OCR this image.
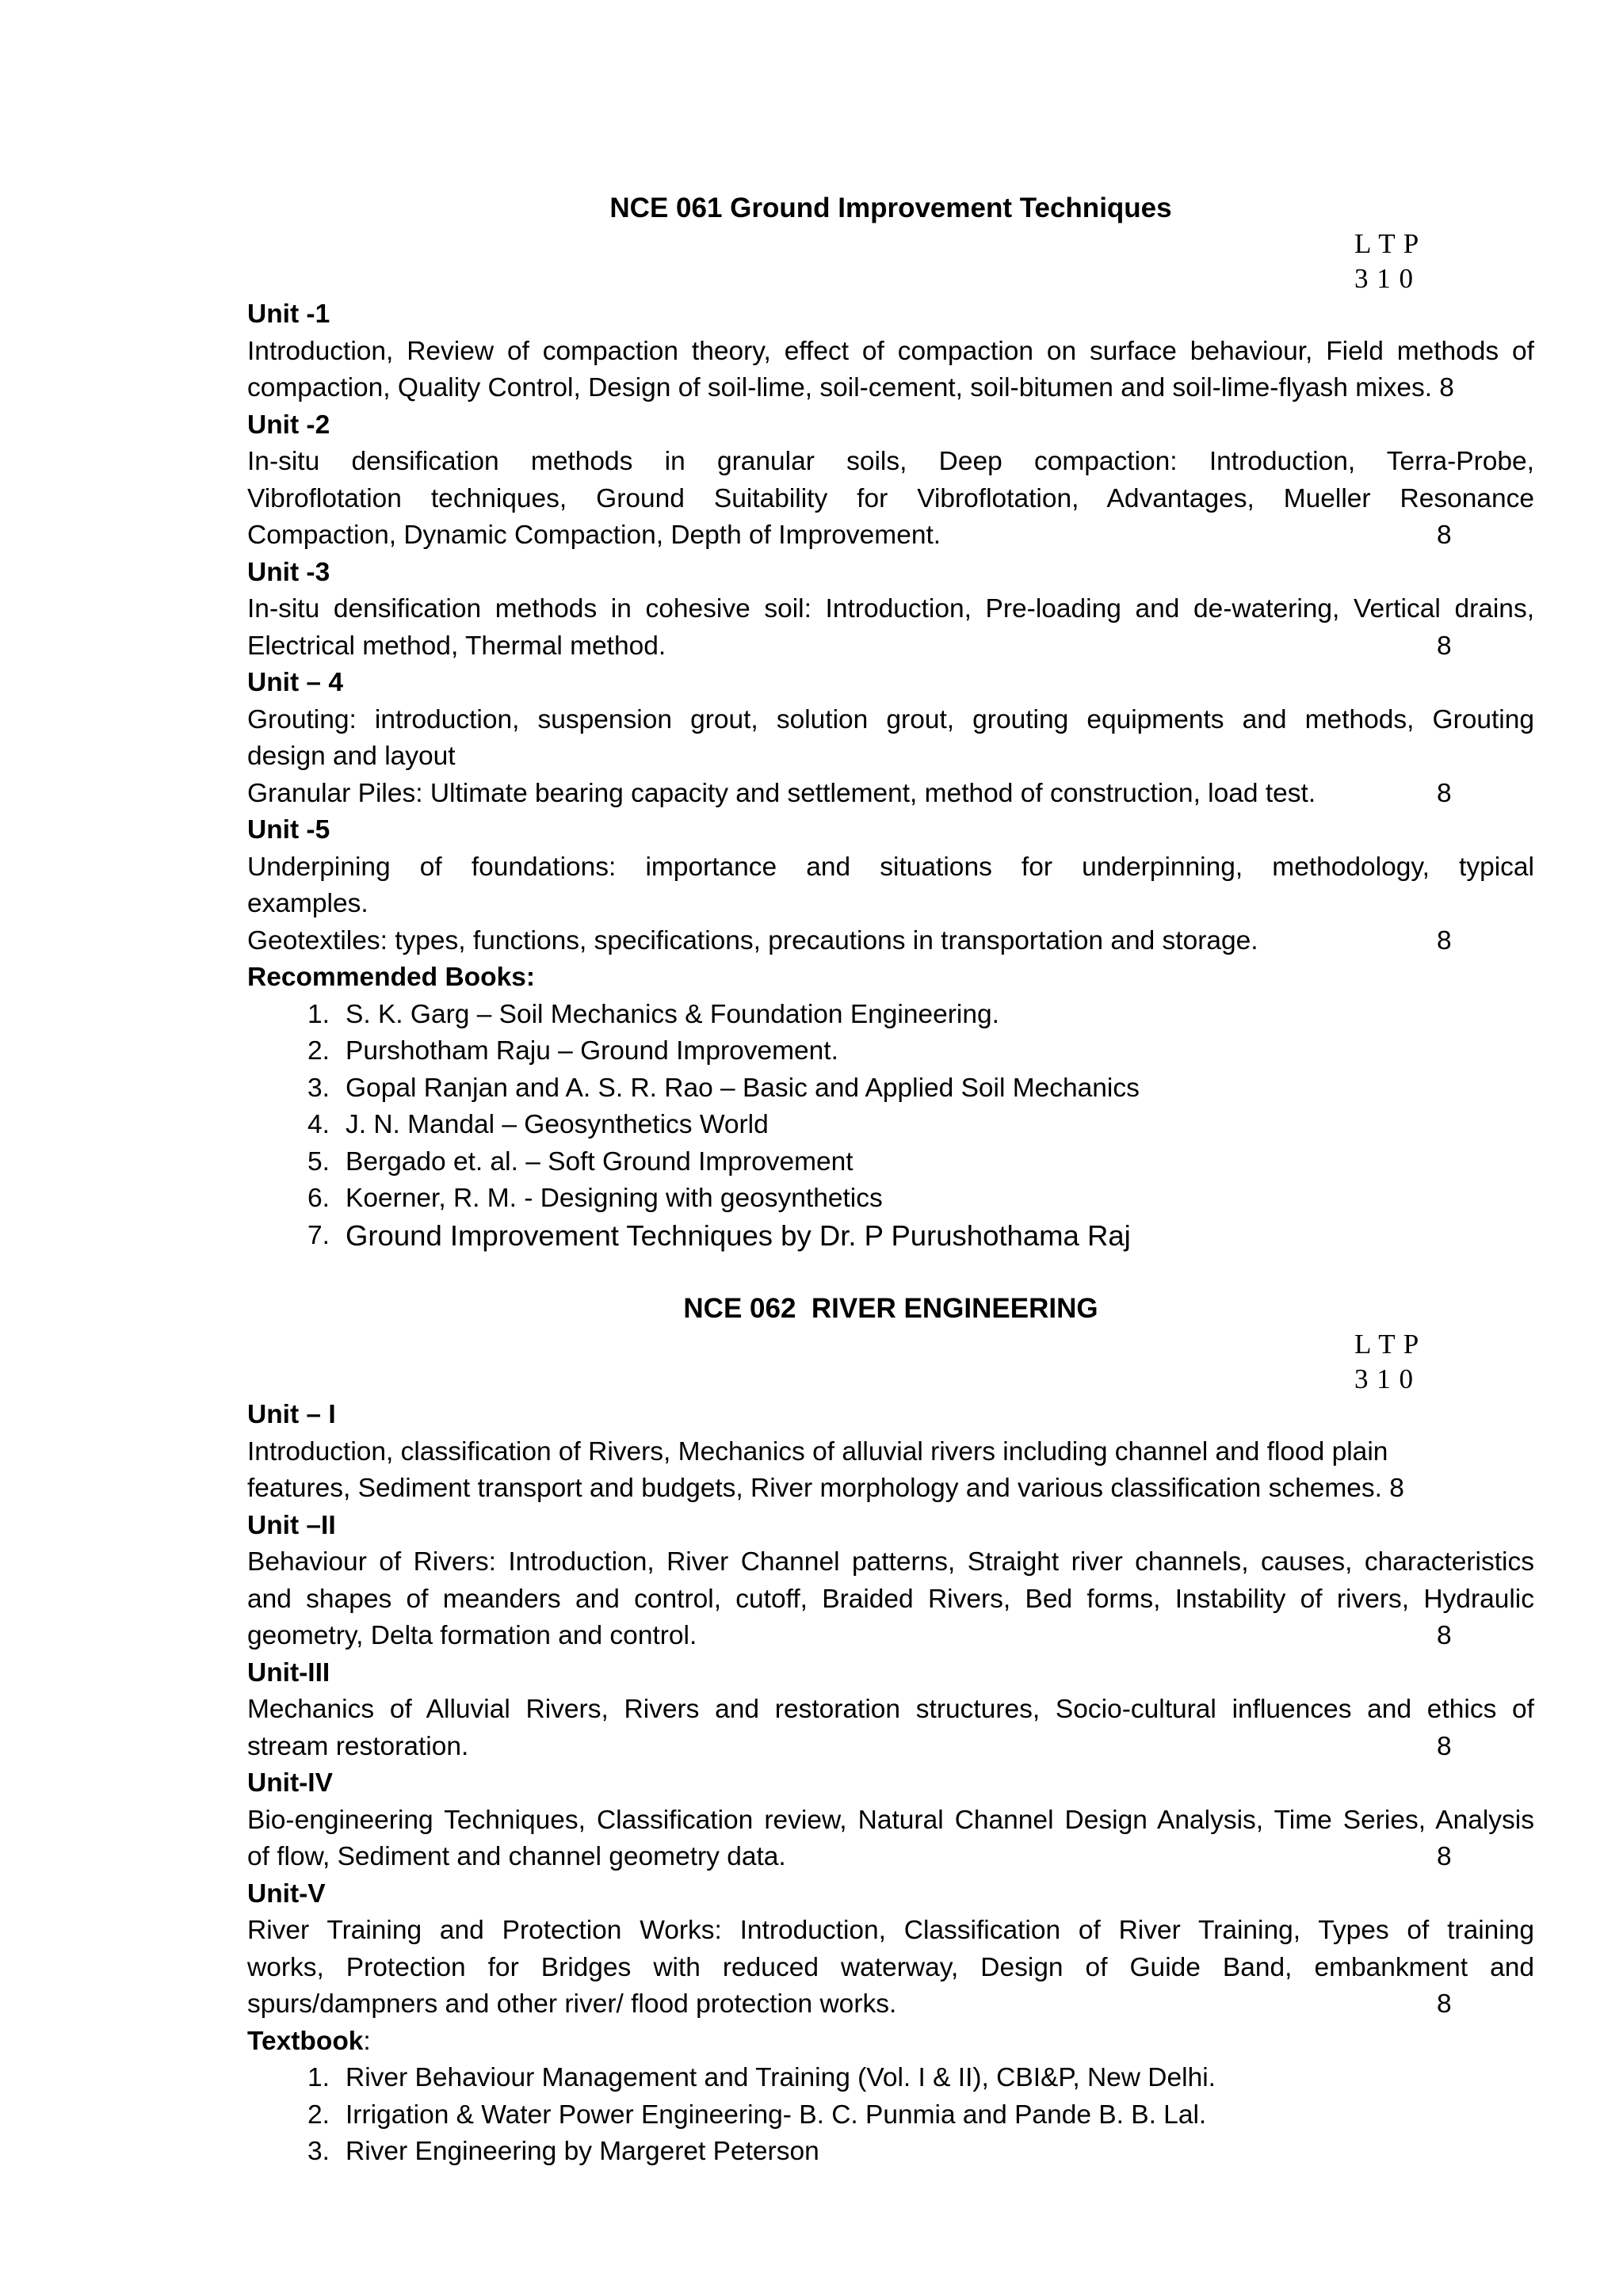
NCE 061 Ground Improvement Techniques

L T P
3 1 0

Unit -1

Introduction, Review of compaction theory, effect of compaction on surface behaviour, Field methods of

compaction, Quality Control, Design of soil-lime, soil-cement, soil-bitumen and soil-lime-flyash mixes. 8

Unit -2

In-situ densification methods in granular soils, Deep compaction: Introduction, Terra-Probe,

Vibroflotation techniques, Ground Suitability for Vibroflotation, Advantages, Mueller Resonance

Compaction, Dynamic Compaction, Depth of Improvement.	8

Unit -3

In-situ densification methods in cohesive soil: Introduction, Pre-loading and de-watering, Vertical drains,

Electrical method, Thermal method.	8

Unit – 4

Grouting: introduction, suspension grout, solution grout, grouting equipments and methods, Grouting

design and layout

Granular Piles: Ultimate bearing capacity and settlement, method of construction, load test.	8

Unit -5

Underpining of foundations: importance and situations for underpinning, methodology, typical

examples.

Geotextiles: types, functions, specifications, precautions in transportation and storage.	8

Recommended Books:

1. S. K. Garg – Soil Mechanics & Foundation Engineering.
2. Purshotham Raju – Ground Improvement.
3. Gopal Ranjan and A. S. R. Rao – Basic and Applied Soil Mechanics
4. J. N. Mandal – Geosynthetics World
5. Bergado et. al. – Soft Ground Improvement
6. Koerner, R. M. - Designing with geosynthetics
7. Ground Improvement Techniques by Dr. P Purushothama Raj

NCE 062  RIVER ENGINEERING

L T P
3 1 0

Unit – I

Introduction, classification of Rivers, Mechanics of alluvial rivers including channel and flood plain

features, Sediment transport and budgets, River morphology and various classification schemes. 8

Unit –II

Behaviour of Rivers: Introduction, River Channel patterns, Straight river channels, causes, characteristics

and shapes of meanders and control, cutoff, Braided Rivers, Bed forms, Instability of rivers, Hydraulic

geometry, Delta formation and control.	8

Unit-III

Mechanics of Alluvial Rivers, Rivers and restoration structures, Socio-cultural influences and ethics of

stream restoration.	8

Unit-IV

Bio-engineering Techniques, Classification review, Natural Channel Design Analysis, Time Series, Analysis

of flow, Sediment and channel geometry data.	8

Unit-V

River Training and Protection Works: Introduction, Classification of River Training, Types of training

works, Protection for Bridges with reduced waterway, Design of Guide Band, embankment and

spurs/dampners and other river/ flood protection works.	8

Textbook:

1. River Behaviour Management and Training (Vol. I & II), CBI&P, New Delhi.
2. Irrigation & Water Power Engineering- B. C. Punmia and Pande B. B. Lal.
3. River Engineering by Margeret Peterson
